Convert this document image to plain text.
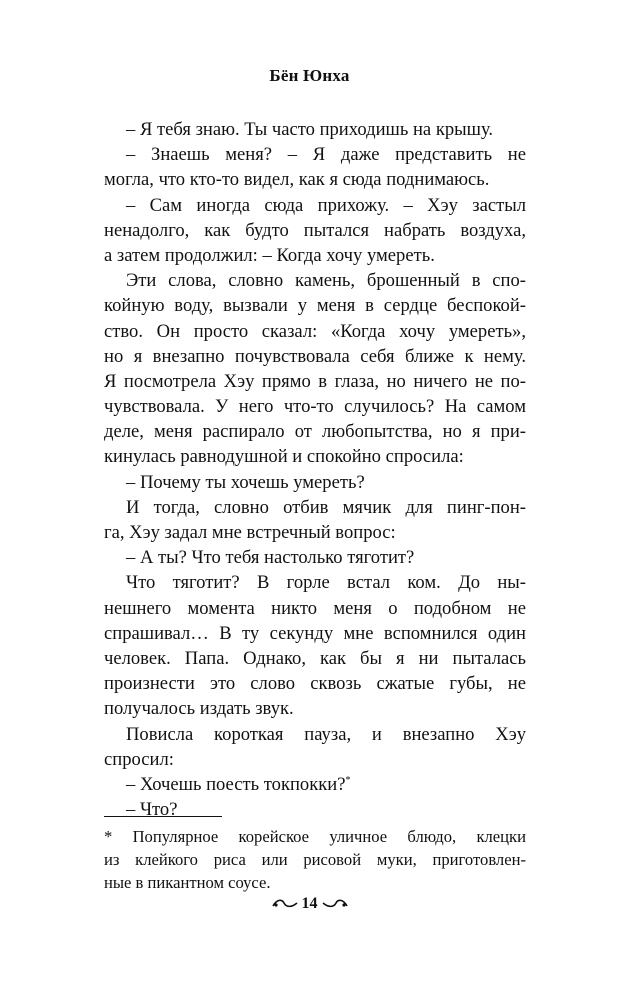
Бён Юнха
– Я тебя знаю. Ты часто приходишь на крышу.
– Знаешь меня? – Я даже представить не
могла, что кто-то видел, как я сюда поднимаюсь.
– Сам иногда сюда прихожу. – Хэу застыл
ненадолго, как будто пытался набрать воздуха,
а затем продолжил: – Когда хочу умереть.
Эти слова, словно камень, брошенный в спо-
койную воду, вызвали у меня в сердце беспокой-
ство. Он просто сказал: «Когда хочу умереть»,
но я внезапно почувствовала себя ближе к нему.
Я посмотрела Хэу прямо в глаза, но ничего не по-
чувствовала. У него что-то случилось? На самом
деле, меня распирало от любопытства, но я при-
кинулась равнодушной и спокойно спросила:
– Почему ты хочешь умереть?
И тогда, словно отбив мячик для пинг-пон-
га, Хэу задал мне встречный вопрос:
– А ты? Что тебя настолько тяготит?
Что тяготит? В горле встал ком. До ны-
нешнего момента никто меня о подобном не
спрашивал… В ту секунду мне вспомнился один
человек. Папа. Однако, как бы я ни пыталась
произнести это слово сквозь сжатые губы, не
получалось издать звук.
Повисла короткая пауза, и внезапно Хэу
спросил:
– Хочешь поесть токпокки?*
– Что?
* Популярное корейское уличное блюдо, клецки
из клейкого риса или рисовой муки, приготовлен-
ные в пикантном соусе.
14
